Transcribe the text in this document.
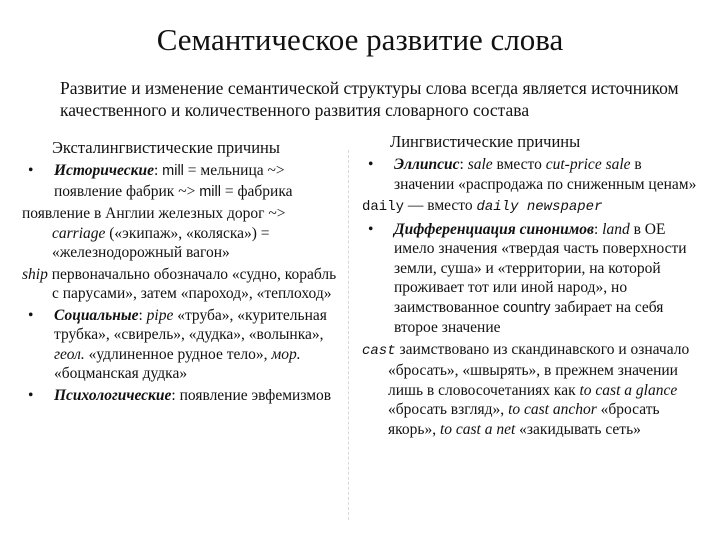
Семантическое развитие слова
Развитие и изменение семантической структуры слова всегда является источником качественного и количественного развития словарного состава
Эксталингвистические причины
• Исторические: mill = мельница ~> появление фабрик ~> mill = фабрика
появление в Англии железных дорог ~> carriage («экипаж», «коляска») = «железнодорожный вагон»
ship первоначально обозначало «судно, корабль с парусами», затем «пароход», «теплоход»
• Социальные: pipe «труба», «курительная трубка», «свирель», «дудка», «волынка», геол. «удлиненное рудное тело», мор. «боцманская дудка»
• Психологические: появление эвфемизмов
Лингвистические причины
• Эллипсис: sale вместо cut-price sale в значении «распродажа по сниженным ценам»
daily — вместо daily newspaper
• Дифференциация синонимов: land в ОЕ имело значения «твердая часть поверхности земли, суша» и «территории, на которой проживает тот или иной народ», но заимствованное country забирает на себя второе значение
cast заимствовано из скандинавского и означало «бросать», «швырять», в прежнем значении лишь в словосочетаниях как to cast a glance «бросать взгляд», to cast anchor «бросать якорь», to cast a net «закидывать сеть»
